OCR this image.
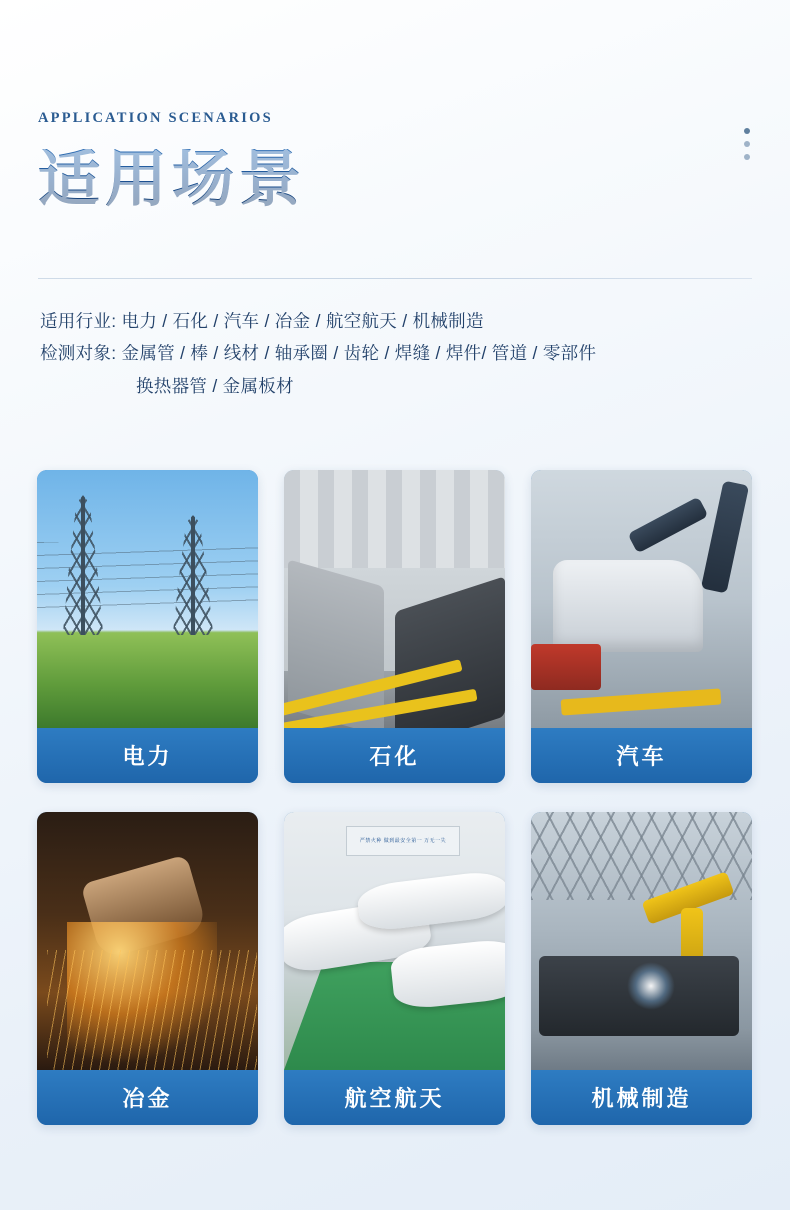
APPLICATION SCENARIOS
适用场景
适用行业: 电力 / 石化 / 汽车 / 冶金 / 航空航天 / 机械制造
检测对象: 金属管 / 棒 / 线材 / 轴承圈 / 齿轮 / 焊缝 / 焊件/ 管道 / 零部件
换热器管 / 金属板材
电力	石化	汽车
冶金
严禁火种 做到最安全第一 万无一失
航空航天	机械制造
